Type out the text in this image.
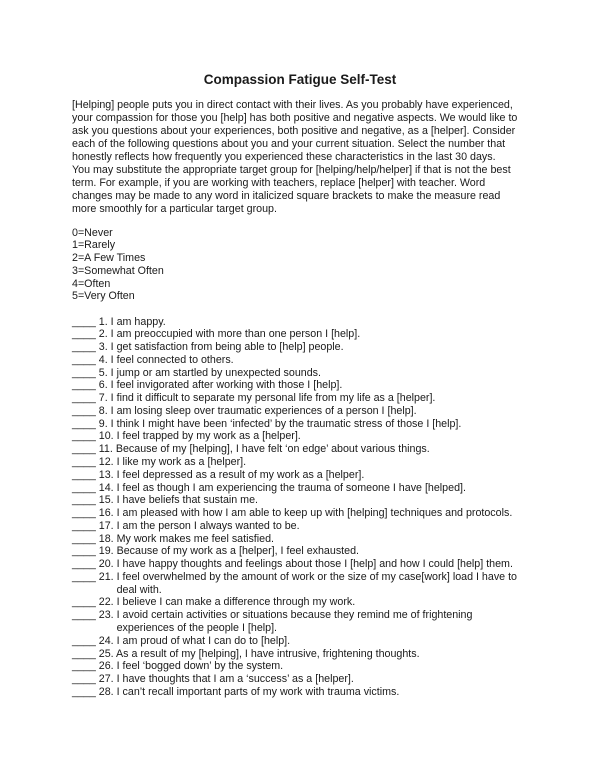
Compassion Fatigue Self-Test
[Helping] people puts you in direct contact with their lives. As you probably have experienced,
your compassion for those you [help] has both positive and negative aspects. We would like to
ask you questions about your experiences, both positive and negative, as a [helper]. Consider
each of the following questions about you and your current situation. Select the number that
honestly reflects how frequently you experienced these characteristics in the last 30 days.
You may substitute the appropriate target group for [helping/help/helper] if that is not the best
term. For example, if you are working with teachers, replace [helper] with teacher. Word
changes may be made to any word in italicized square brackets to make the measure read
more smoothly for a particular target group.
0=Never
1=Rarely
2=A Few Times
3=Somewhat Often
4=Often
5=Very Often
____ 1. I am happy.
____ 2. I am preoccupied with more than one person I [help].
____ 3. I get satisfaction from being able to [help] people.
____ 4. I feel connected to others.
____ 5. I jump or am startled by unexpected sounds.
____ 6. I feel invigorated after working with those I [help].
____ 7. I find it difficult to separate my personal life from my life as a [helper].
____ 8. I am losing sleep over traumatic experiences of a person I [help].
____ 9. I think I might have been ‘infected’ by the traumatic stress of those I [help].
____ 10. I feel trapped by my work as a [helper].
____ 11. Because of my [helping], I have felt ‘on edge’ about various things.
____ 12. I like my work as a [helper].
____ 13. I feel depressed as a result of my work as a [helper].
____ 14. I feel as though I am experiencing the trauma of someone I have [helped].
____ 15. I have beliefs that sustain me.
____ 16. I am pleased with how I am able to keep up with [helping] techniques and protocols.
____ 17. I am the person I always wanted to be.
____ 18. My work makes me feel satisfied.
____ 19. Because of my work as a [helper], I feel exhausted.
____ 20. I have happy thoughts and feelings about those I [help] and how I could [help] them.
____ 21. I feel overwhelmed by the amount of work or the size of my case[work] load I have to
deal with.
____ 22. I believe I can make a difference through my work.
____ 23. I avoid certain activities or situations because they remind me of frightening
experiences of the people I [help].
____ 24. I am proud of what I can do to [help].
____ 25. As a result of my [helping], I have intrusive, frightening thoughts.
____ 26. I feel ‘bogged down’ by the system.
____ 27. I have thoughts that I am a ‘success’ as a [helper].
____ 28. I can’t recall important parts of my work with trauma victims.
